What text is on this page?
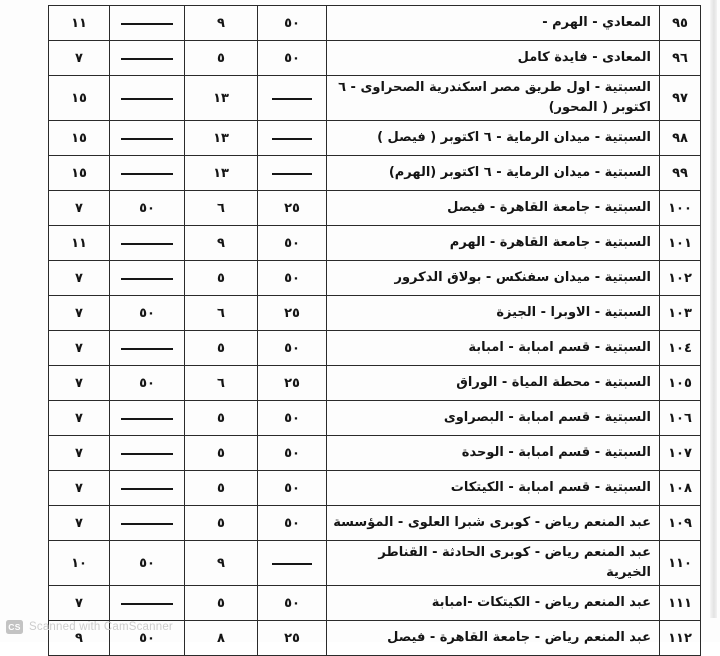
٩٥	المعادي - الهرم -	٥٠	٩		١١
٩٦	المعادى - فايدة كامل	٥٠	٥		٧
٩٧	السبتية - اول طريق مصر اسكندرية الصحراوى - ٦ اكتوبر ( المحور)		١٣		١٥
٩٨	السبتية - ميدان الرماية - ٦ اكتوبر ( فيصل )		١٣		١٥
٩٩	السبتية - ميدان الرماية - ٦ اكتوبر (الهرم)		١٣		١٥
١٠٠	السبتية - جامعة القاهرة - فيصل	٢٥	٦	٥٠	٧
١٠١	السبتية - جامعة القاهرة - الهرم	٥٠	٩		١١
١٠٢	السبتية - ميدان سفنكس - بولاق الدكرور	٥٠	٥		٧
١٠٣	السبتية - الاوبرا - الجيزة	٢٥	٦	٥٠	٧
١٠٤	السبتية - قسم امبابة - امبابة	٥٠	٥		٧
١٠٥	السبتية - محطة المياة - الوراق	٢٥	٦	٥٠	٧
١٠٦	السبتية - قسم امبابة - البصراوى	٥٠	٥		٧
١٠٧	السبتية - قسم امبابة - الوحدة	٥٠	٥		٧
١٠٨	السبتية - قسم امبابة - الكيتكات	٥٠	٥		٧
١٠٩	عبد المنعم رياض - كوبرى شبرا العلوى - المؤسسة	٥٠	٥		٧
١١٠	عبد المنعم رياض - كوبرى الحادثة - القناطر الخيرية		٩	٥٠	١٠
١١١	عبد المنعم رياض - الكيتكات -امبابة	٥٠	٥		٧
١١٢	عبد المنعم رياض - جامعة القاهرة - فيصل	٢٥	٨	٥٠	٩
CS Scanned with CamScanner
